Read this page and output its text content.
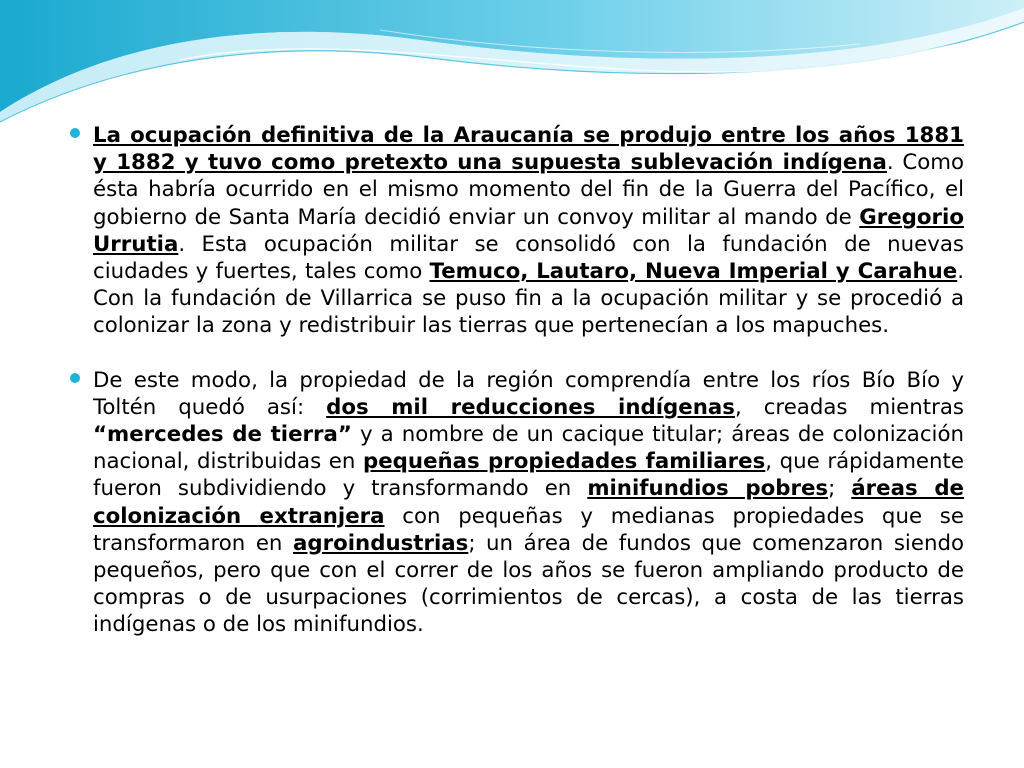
La ocupación definitiva de la Araucanía se produjo entre los años 1881 y 1882 y tuvo como pretexto una supuesta sublevación indígena. Como ésta habría ocurrido en el mismo momento del fin de la Guerra del Pacífico, el gobierno de Santa María decidió enviar un convoy militar al mando de Gregorio Urrutia. Esta ocupación militar se consolidó con la fundación de nuevas ciudades y fuertes, tales como Temuco, Lautaro, Nueva Imperial y Carahue. Con la fundación de Villarrica se puso fin a la ocupación militar y se procedió a colonizar la zona y redistribuir las tierras que pertenecían a los mapuches.

De este modo, la propiedad de la región comprendía entre los ríos Bío Bío y Toltén quedó así: dos mil reducciones indígenas, creadas mientras “mercedes de tierra” y a nombre de un cacique titular; áreas de colonización nacional, distribuidas en pequeñas propiedades familiares, que rápidamente fueron subdividiendo y transformando en minifundios pobres; áreas de colonización extranjera con pequeñas y medianas propiedades que se transformaron en agroindustrias; un área de fundos que comenzaron siendo pequeños, pero que con el correr de los años se fueron ampliando producto de compras o de usurpaciones (corrimientos de cercas), a costa de las tierras indígenas o de los minifundios.
